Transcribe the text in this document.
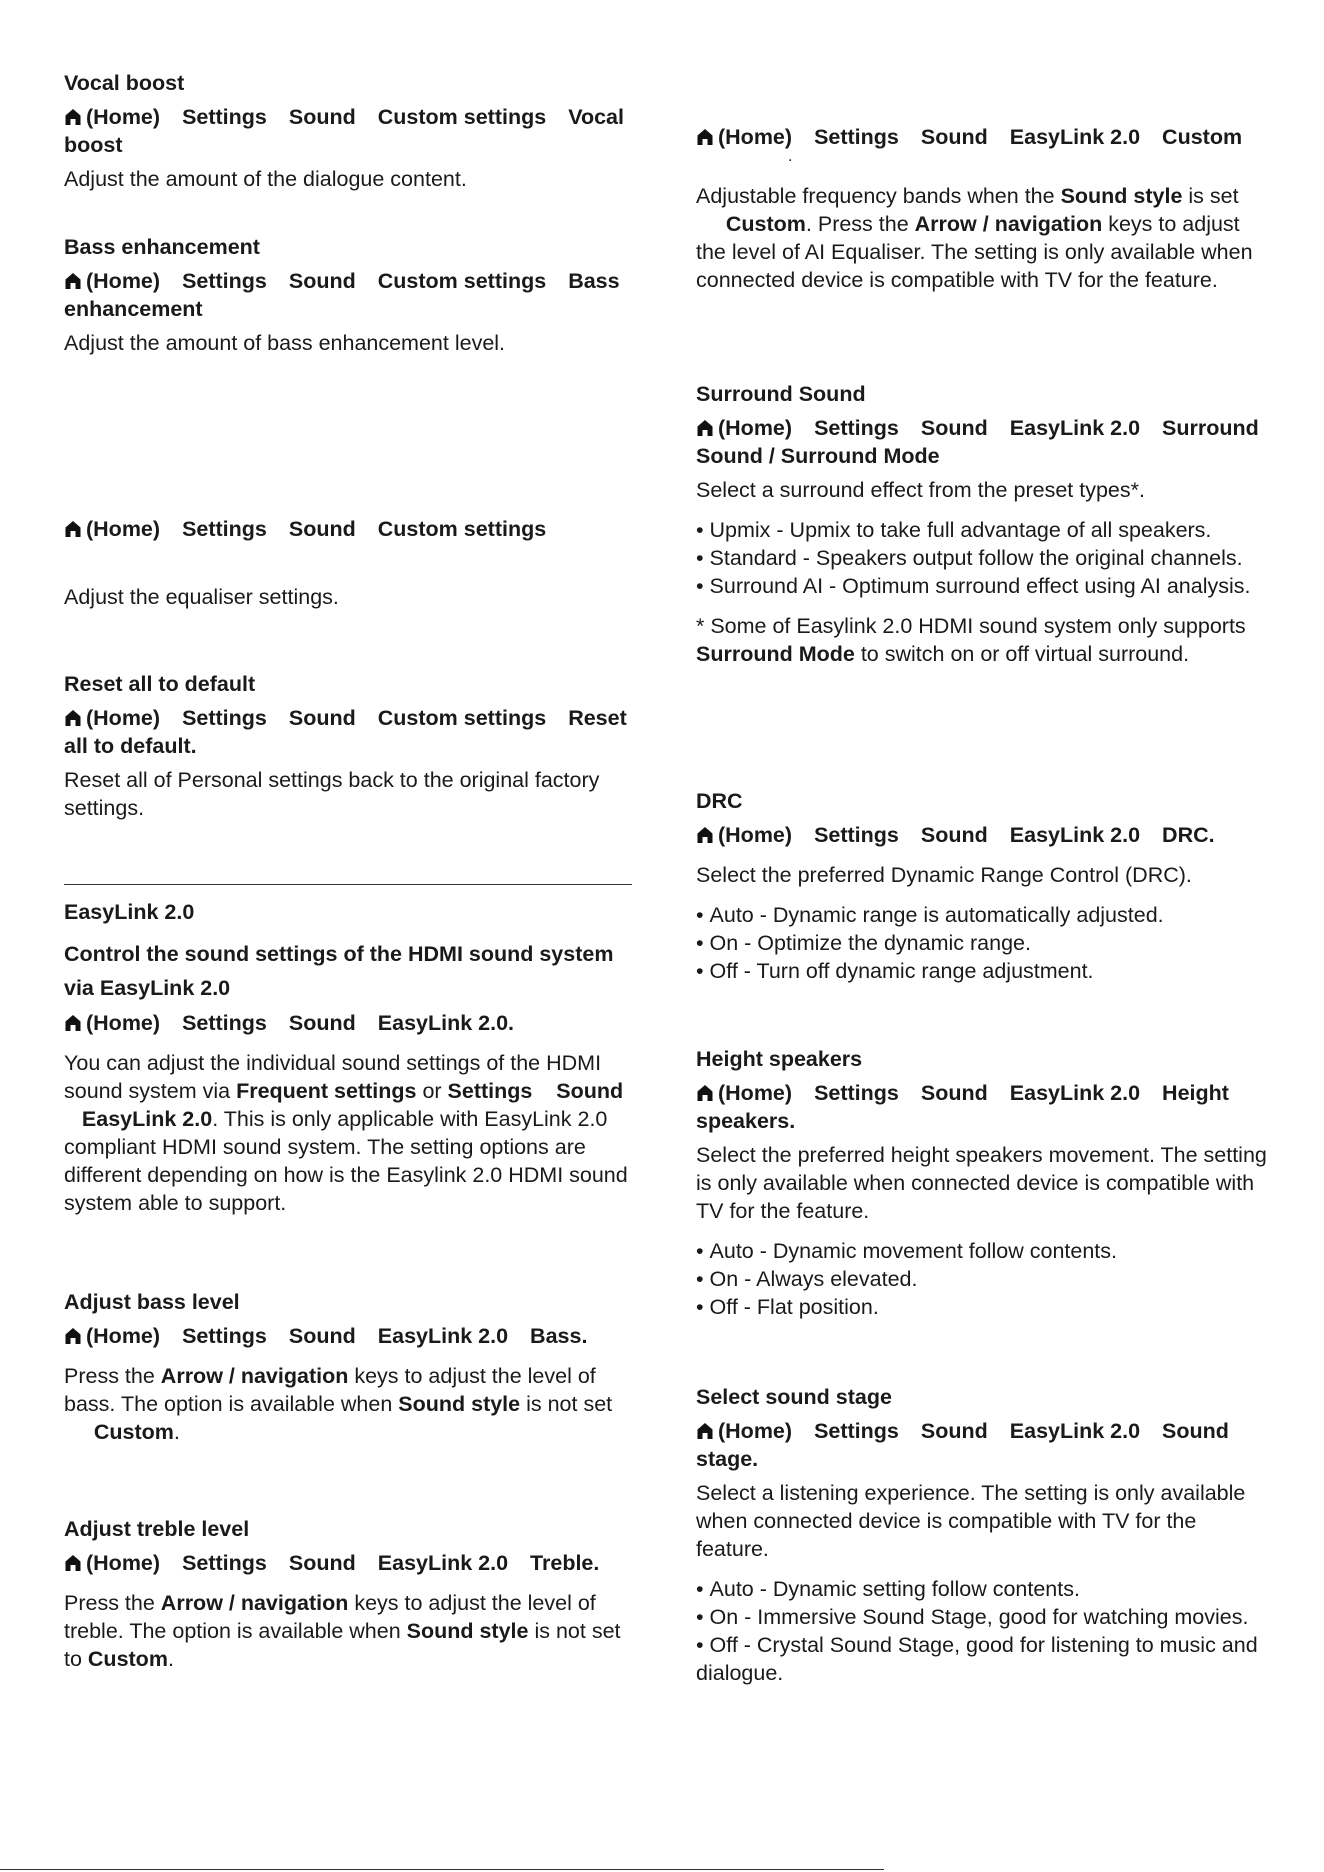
Vocal boost

(Home) Settings Sound Custom settings Vocal boost

Adjust the amount of the dialogue content.

Bass enhancement

(Home) Settings Sound Custom settings Bass enhancement

Adjust the amount of bass enhancement level.

(Home) Settings Sound Custom settings

Adjust the equaliser settings.

Reset all to default

(Home) Settings Sound Custom settings Reset all to default.

Reset all of Personal settings back to the original factory settings.

EasyLink 2.0

Control the sound settings of the HDMI sound system via EasyLink 2.0

(Home) Settings Sound EasyLink 2.0.

You can adjust the individual sound settings of the HDMI sound system via Frequent settings or Settings Sound    EasyLink 2.0. This is only applicable with EasyLink 2.0 compliant HDMI sound system. The setting options are different depending on how is the Easylink 2.0 HDMI sound system able to support.

Adjust bass level

(Home) Settings Sound EasyLink 2.0 Bass.

Press the Arrow / navigation keys to adjust the level of bass. The option is available when Sound style is not set
Custom.

Adjust treble level

(Home) Settings Sound EasyLink 2.0 Treble.

Press the Arrow / navigation keys to adjust the level of treble. The option is available when Sound style is not set to Custom.

(Home) Settings Sound EasyLink 2.0 Custom

.

Adjustable frequency bands when the Sound style is set
Custom. Press the Arrow / navigation keys to adjust the level of AI Equaliser. The setting is only available when connected device is compatible with TV for the feature.

Surround Sound

(Home) Settings Sound EasyLink 2.0 Surround Sound / Surround Mode

Select a surround effect from the preset types*.

• Upmix - Upmix to take full advantage of all speakers.
• Standard - Speakers output follow the original channels.
• Surround AI - Optimum surround effect using AI analysis.

* Some of Easylink 2.0 HDMI sound system only supports Surround Mode to switch on or off virtual surround.

DRC

(Home) Settings Sound EasyLink 2.0 DRC.

Select the preferred Dynamic Range Control (DRC).

• Auto - Dynamic range is automatically adjusted.
• On - Optimize the dynamic range.
• Off - Turn off dynamic range adjustment.

Height speakers

(Home) Settings Sound EasyLink 2.0 Height speakers.

Select the preferred height speakers movement. The setting is only available when connected device is compatible with TV for the feature.

• Auto - Dynamic movement follow contents.
• On - Always elevated.
• Off - Flat position.

Select sound stage

(Home) Settings Sound EasyLink 2.0 Sound stage.

Select a listening experience. The setting is only available when connected device is compatible with TV for the feature.

• Auto - Dynamic setting follow contents.
• On - Immersive Sound Stage, good for watching movies.
• Off - Crystal Sound Stage, good for listening to music and dialogue.
